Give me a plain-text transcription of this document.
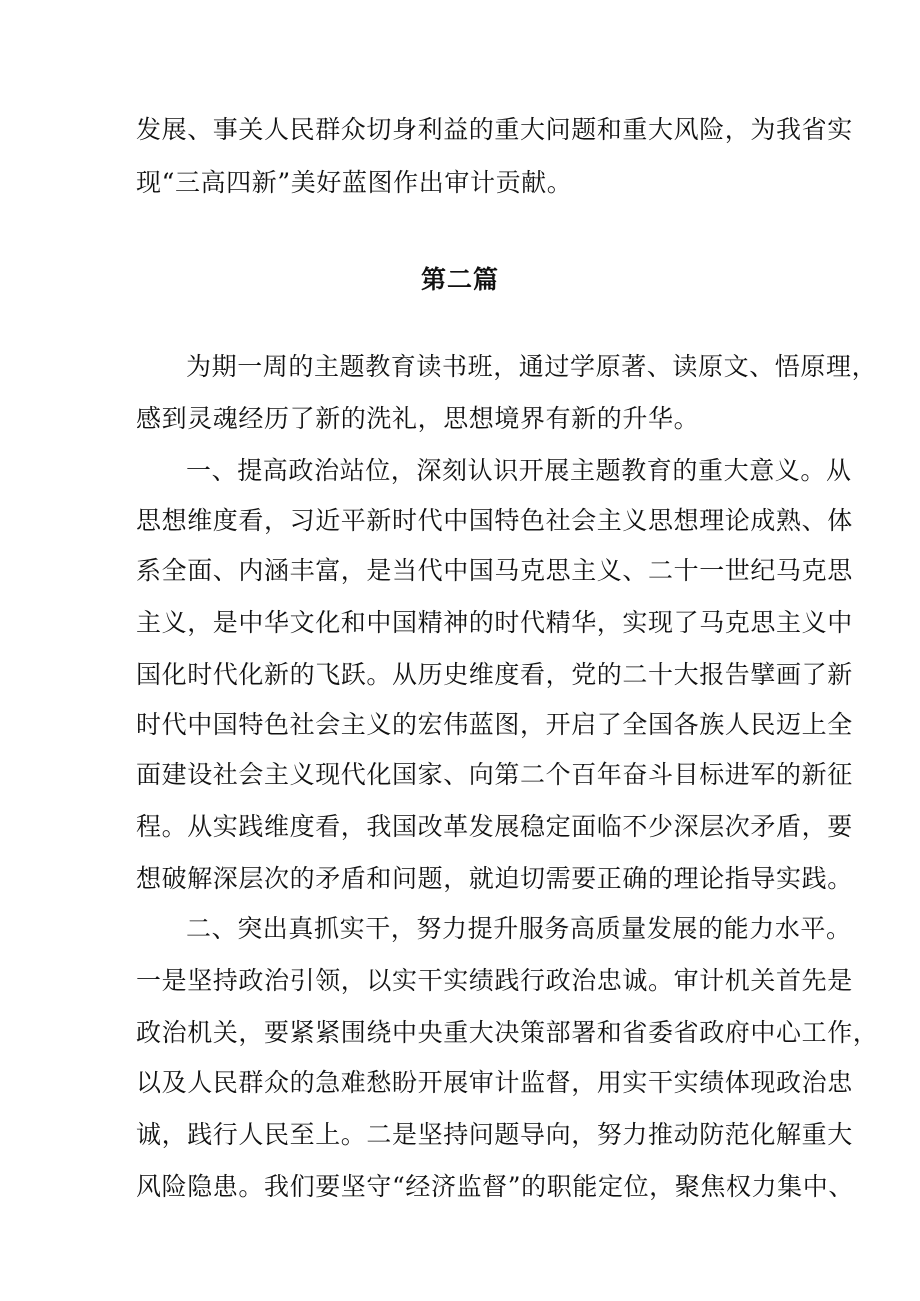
发展、事关人民群众切身利益的重大问题和重大风险，为我省实
现“三高四新”美好蓝图作出审计贡献。
第二篇
为期一周的主题教育读书班，通过学原著、读原文、悟原理，
感到灵魂经历了新的洗礼，思想境界有新的升华。
一、提高政治站位，深刻认识开展主题教育的重大意义。从
思想维度看，习近平新时代中国特色社会主义思想理论成熟、体
系全面、内涵丰富，是当代中国马克思主义、二十一世纪马克思
主义，是中华文化和中国精神的时代精华，实现了马克思主义中
国化时代化新的飞跃。从历史维度看，党的二十大报告擘画了新
时代中国特色社会主义的宏伟蓝图，开启了全国各族人民迈上全
面建设社会主义现代化国家、向第二个百年奋斗目标进军的新征
程。从实践维度看，我国改革发展稳定面临不少深层次矛盾，要
想破解深层次的矛盾和问题，就迫切需要正确的理论指导实践。
二、突出真抓实干，努力提升服务高质量发展的能力水平。
一是坚持政治引领，以实干实绩践行政治忠诚。审计机关首先是
政治机关，要紧紧围绕中央重大决策部署和省委省政府中心工作，
以及人民群众的急难愁盼开展审计监督，用实干实绩体现政治忠
诚，践行人民至上。二是坚持问题导向，努力推动防范化解重大
风险隐患。我们要坚守“经济监督”的职能定位，聚焦权力集中、
